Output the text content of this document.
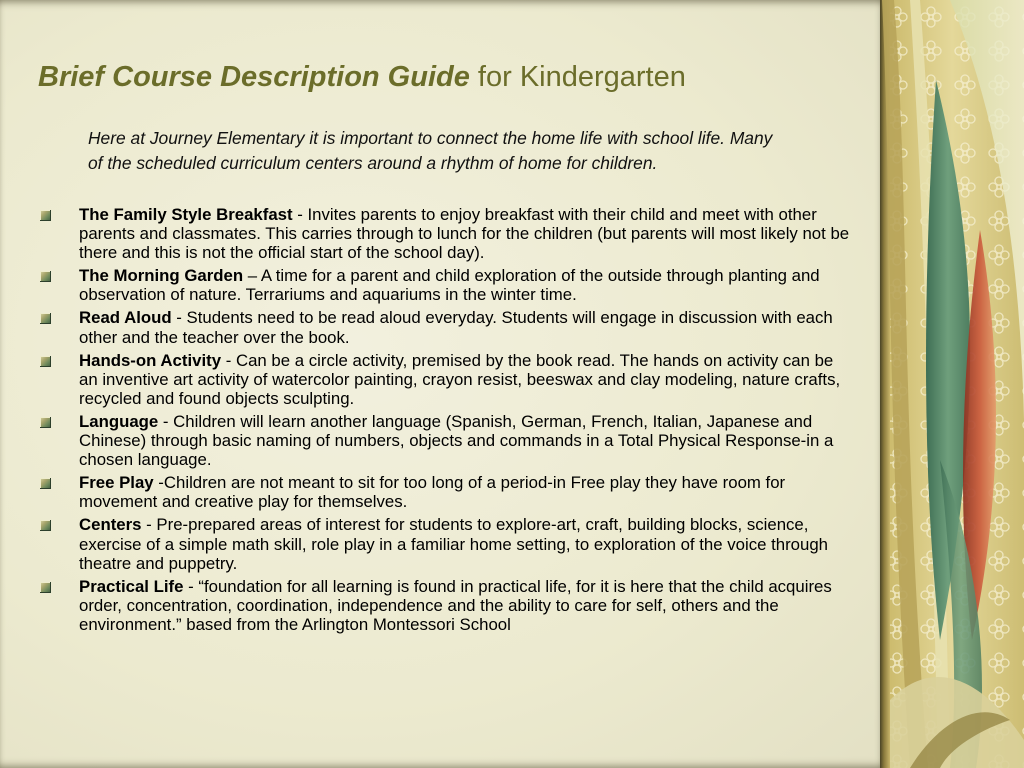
Brief Course Description Guide for Kindergarten
Here at Journey Elementary it is important to connect the home life with school life. Many of the scheduled curriculum centers around a rhythm of home for children.
The Family Style Breakfast - Invites parents to enjoy breakfast with their child and meet with other parents and classmates. This carries through to lunch for the children (but parents will most likely not be there and this is not the official start of the school day).
The Morning Garden – A time for a parent and child exploration of the outside through planting and observation of nature. Terrariums and aquariums in the winter time.
Read Aloud - Students need to be read aloud everyday. Students will engage in discussion with each other and the teacher over the book.
Hands-on Activity - Can be a circle activity, premised by the book read. The hands on activity can be an inventive art activity of watercolor painting, crayon resist, beeswax and clay modeling, nature crafts, recycled and found objects sculpting.
Language - Children will learn another language (Spanish, German, French, Italian, Japanese and Chinese) through basic naming of numbers, objects and commands in a Total Physical Response-in a chosen language.
Free Play -Children are not meant to sit for too long of a period-in Free play they have room for movement and creative play for themselves.
Centers - Pre-prepared areas of interest for students to explore-art, craft, building blocks, science, exercise of a simple math skill, role play in a familiar home setting, to exploration of the voice through theatre and puppetry.
Practical Life - “foundation for all learning is found in practical life, for it is here that the child acquires order, concentration, coordination, independence and the ability to care for self, others and the environment.” based from the Arlington Montessori School
